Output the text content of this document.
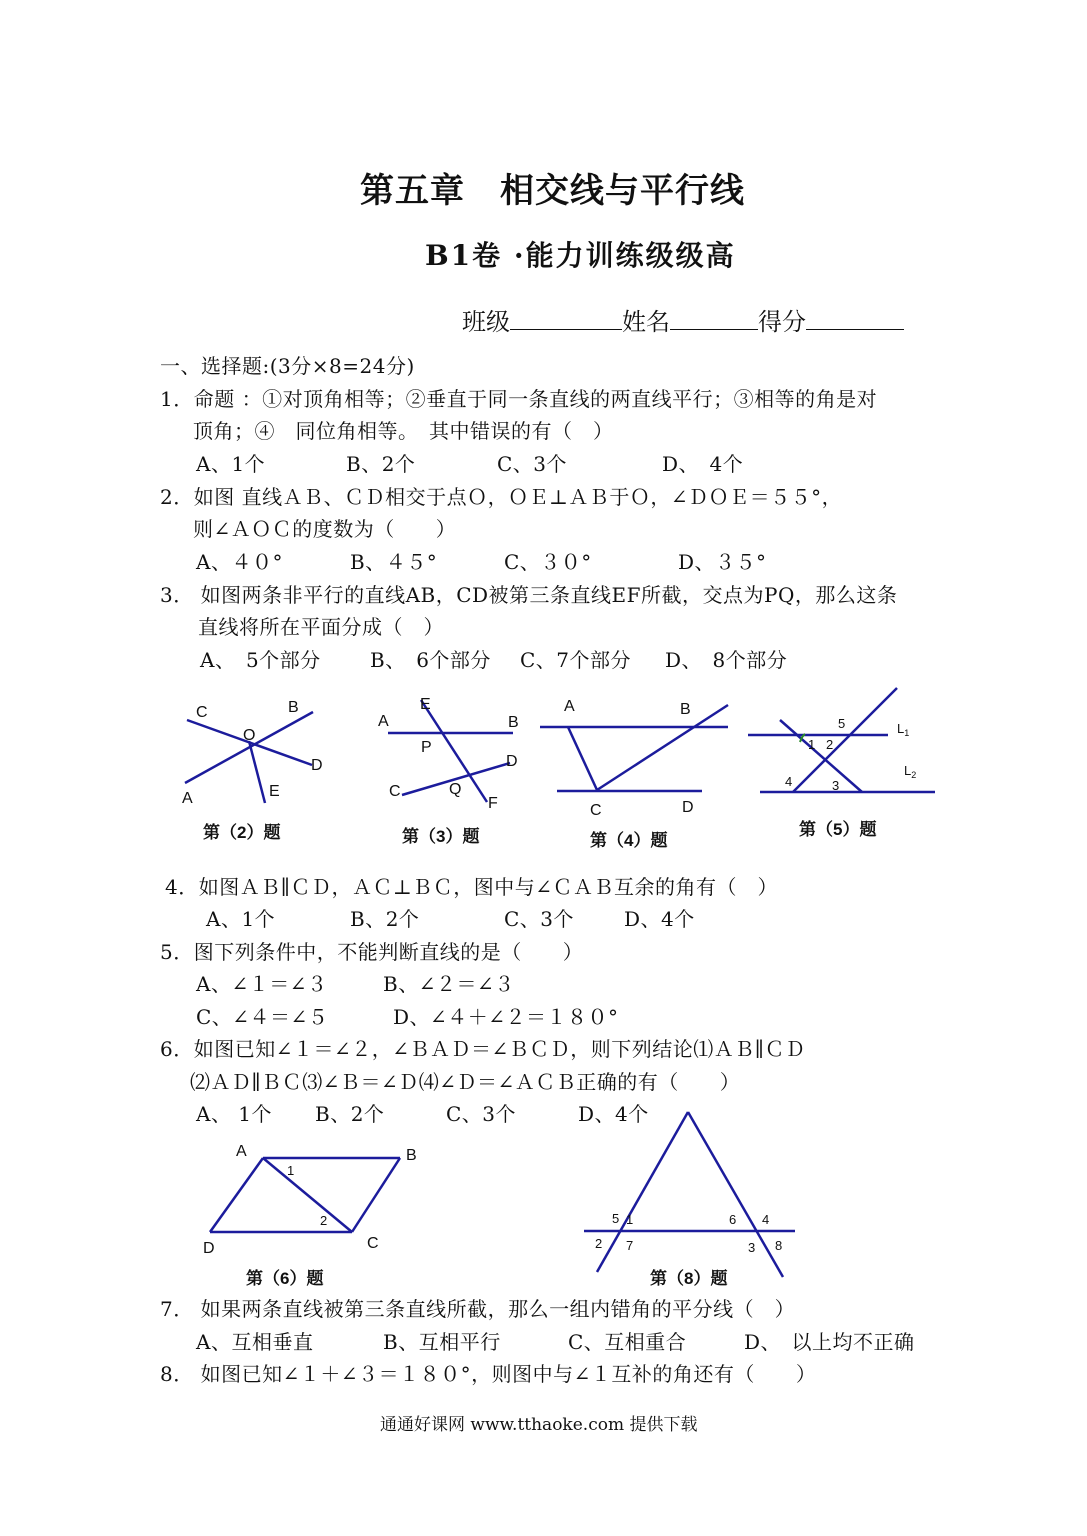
第五章　相交线与平行线
B1卷 ·能力训练级级高
班级	姓名	得分
一、选择题:(3分×8=24分)
1．命题 ：①对顶角相等；②垂直于同一条直线的两直线平行；③相等的角是对
顶角；④　同位角相等。　其中错误的有（　）
A、1个	B、2个	C、3个	D、　4个
2．如图 直线ＡＢ、ＣＤ相交于点Ｏ，ＯＥ⊥ＡＢ于Ｏ，∠ＤＯＥ＝５５°，
则∠ＡＯＣ的度数为（　　）
A、４０°	B、４５°	C、３０°	D、３５°
3． 如图两条非平行的直线AB，CD被第三条直线EF所截，交点为PQ，那么这条
直线将所在平面分成（　）
A、　5个部分 B、　6个部分 C、7个部分 D、　8个部分
C	B
O
D
A	E
E
A	B
P
D
C	Q
F
A	B
C	D
5	$L_1$
1 2
$L_2$
4	3
第（2）题	第（3）题	第（4）题
第（5）题
4．如图ＡＢ∥ＣＤ，ＡＣ⊥ＢＣ，图中与∠ＣＡＢ互余的角有（　）
A、1个	B、2个	C、3个 D、4个
5．图下列条件中，不能判断直线的是（　　）
A、∠１＝∠３	B、∠２＝∠３
C、∠４＝∠５	D、∠４＋∠２＝１８０°
6．如图已知∠１＝∠２，∠ＢＡＤ＝∠ＢＣＤ，则下列结论⑴ＡＢ∥ＣＤ
⑵ＡＤ∥ＢＣ⑶∠Ｂ＝∠Ｄ⑷∠Ｄ＝∠ＡＣＢ正确的有（　　）
A、 1个 B、2个	C、3个	D、4个
A	B
D	C
1
2	5 1	6 4
2 7	3 8
第（6）题	第（8）题
7． 如果两条直线被第三条直线所截，那么一组内错角的平分线（　）
A、互相垂直	B、互相平行	C、互相重合	D、　以上均不正确
8． 如图已知∠１＋∠３＝１８０°，则图中与∠１互补的角还有（　　）
通通好课网 www.tthaoke.com 提供下载
